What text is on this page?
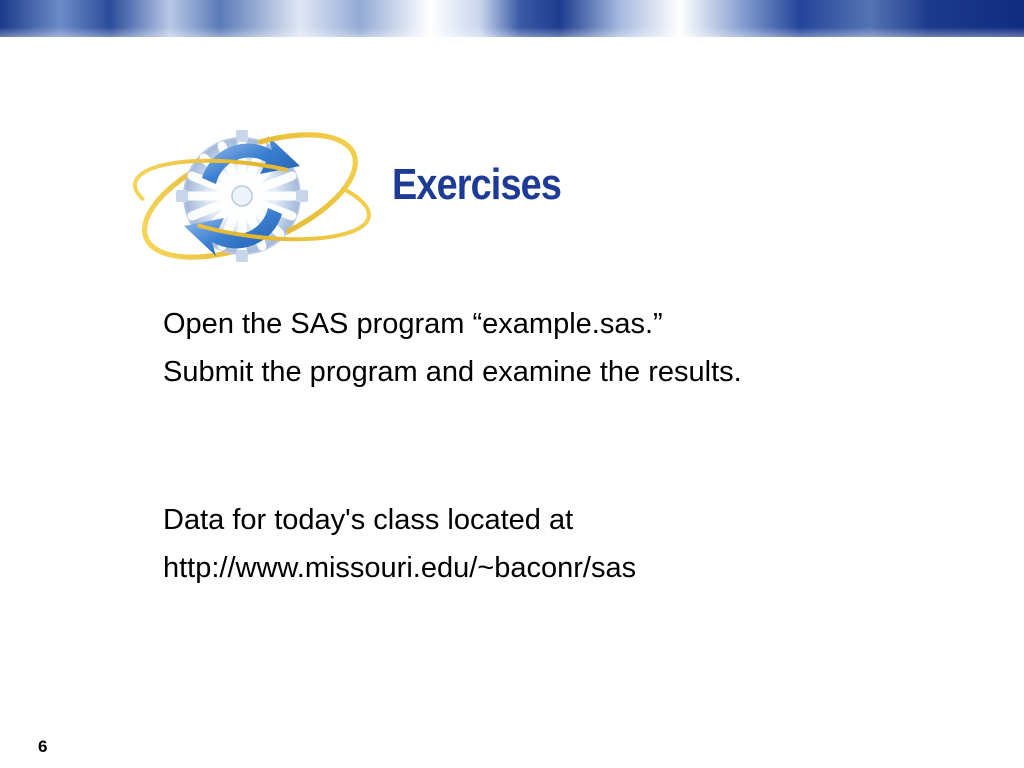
Exercises
Open the SAS program “example.sas.”
Submit the program and examine the results.
Data for today's class located at
http://www.missouri.edu/~baconr/sas
6
